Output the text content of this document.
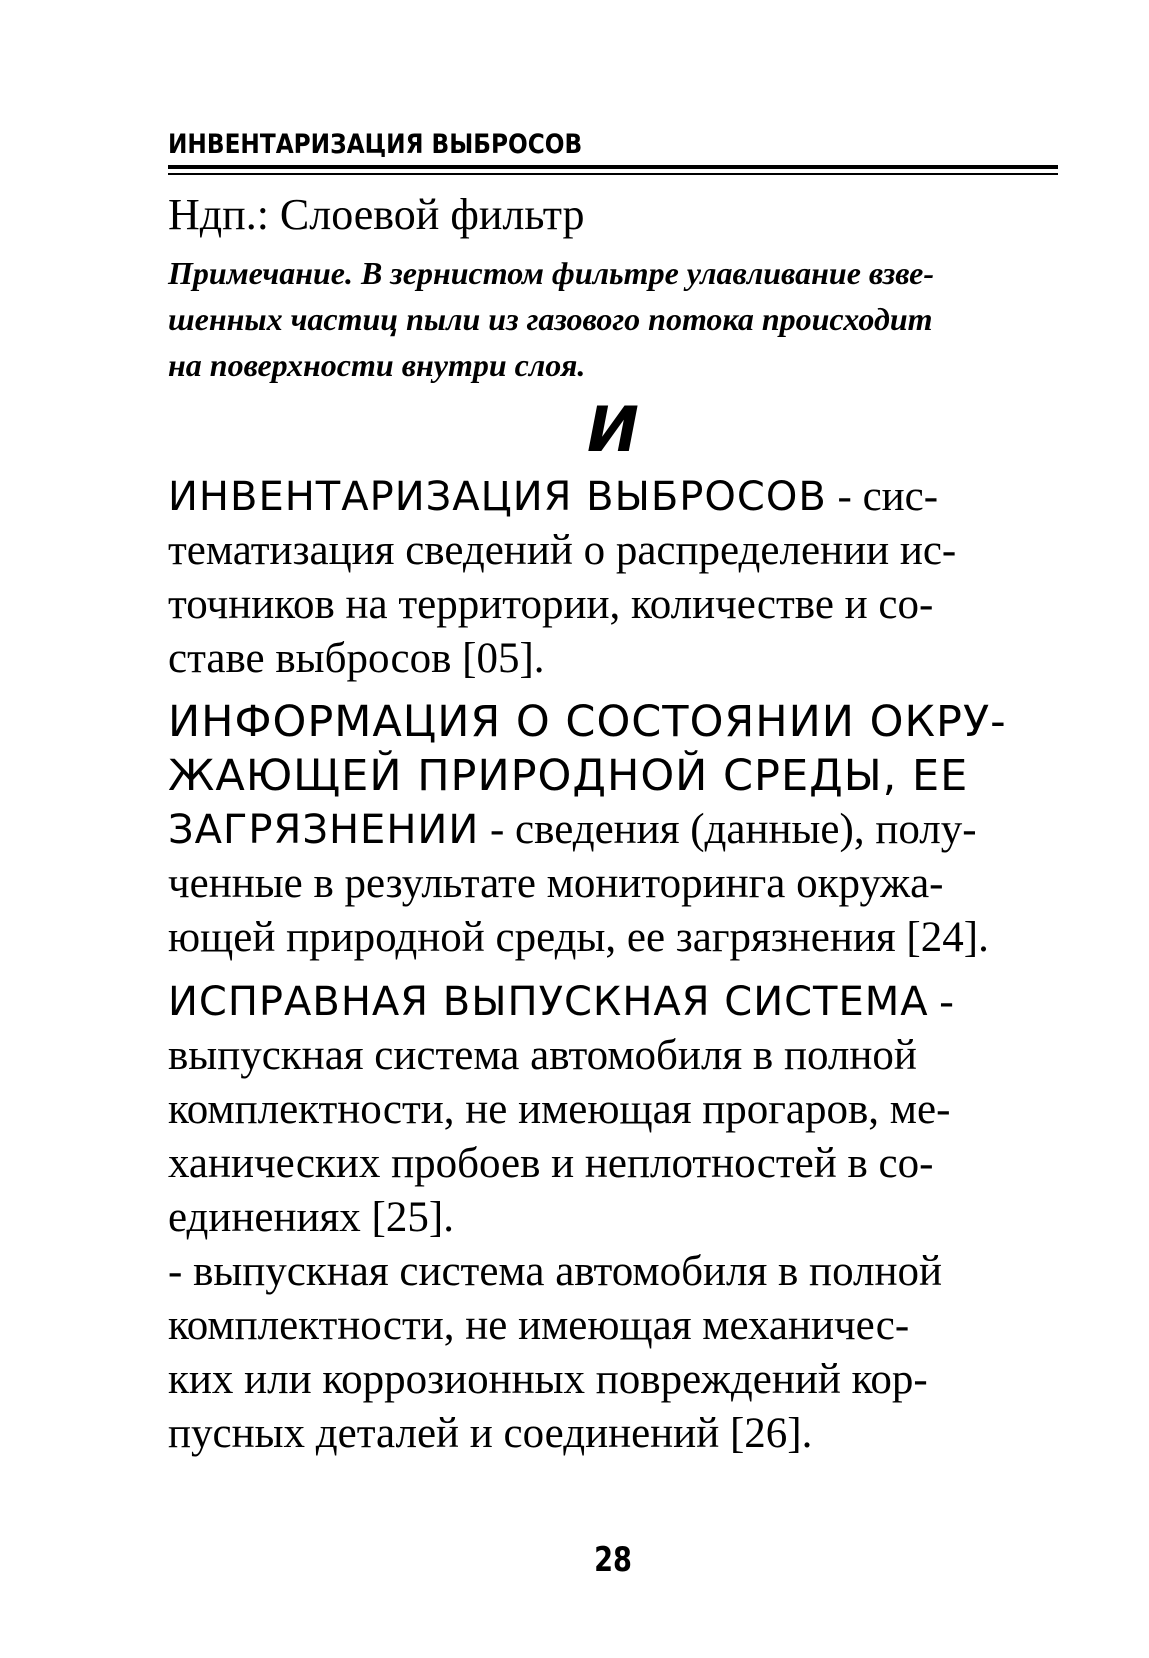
ИНВЕНТАРИЗАЦИЯ ВЫБРОСОВ
Ндп.: Слоевой фильтр
Примечание. В зернистом фильтре улавливание взве-
шенных частиц пыли из газового потока происходит
на поверхности внутри слоя.
И
ИНВЕНТАРИЗАЦИЯ ВЫБРОСОВ - сис-
тематизация сведений о распределении ис-
точников на территории, количестве и со-
ставе выбросов [05].
ИНФОРМАЦИЯ О СОСТОЯНИИ ОКРУ-
ЖАЮЩЕЙ ПРИРОДНОЙ СРЕДЫ, ЕЕ
ЗАГРЯЗНЕНИИ - сведения (данные), полу-
ченные в результате мониторинга окружа-
ющей природной среды, ее загрязнения [24].
ИСПРАВНАЯ ВЫПУСКНАЯ СИСТЕМА -
выпускная система автомобиля в полной
комплектности, не имеющая прогаров, ме-
ханических пробоев и неплотностей в со-
единениях [25].
- выпускная система автомобиля в полной
комплектности, не имеющая механичес-
ких или коррозионных повреждений кор-
пусных деталей и соединений [26].
28
